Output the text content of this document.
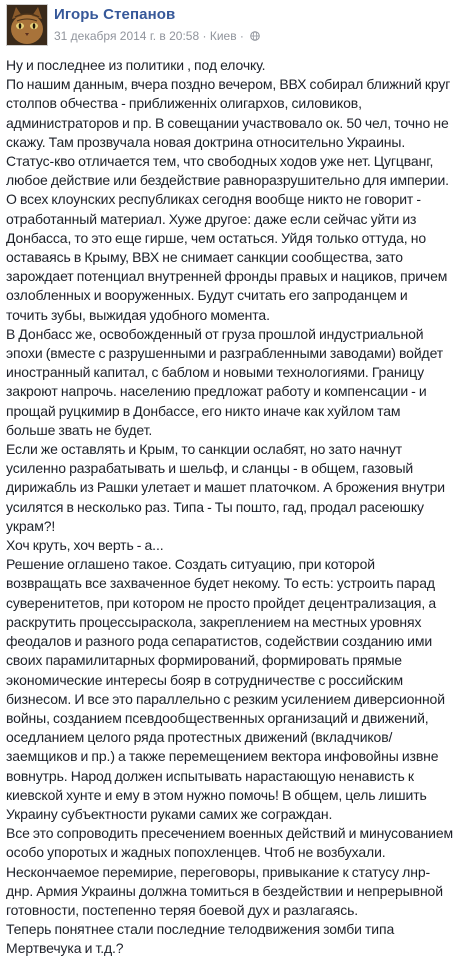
Игорь Степанов
31 декабря 2014 г. в 20:58 · Киев ·

Ну и последнее из политики , под елочку.

По нашим данным, вчера поздно вечером, ВВХ собирал ближний круг

столпов обчества - приближенніх олигархов, силовиков,

администраторов и пр. В совещании участвовало ок. 50 чел, точно не

скажу. Там прозвучала новая доктрина относительно Украины.

Статус-кво отличается тем, что свободных ходов уже нет. Цугцванг,

любое действие или бездействие равноразрушительно для империи.

О всех клоунских республиках сегодня вообще никто не говорит -

отработанный материал. Хуже другое: даже если сейчас уйти из

Донбасса, то это еще гирше, чем остаться. Уйдя только оттуда, но

оставаясь в Крыму, ВВХ не снимает санкции сообщества, зато

зарождает потенциал внутренней фронды правых и нациков, причем

озлобленных и вооруженных. Будут считать его запроданцем и

точить зубы, выжидая удобного момента.

В Донбасс же, освобожденный от груза прошлой индустриальной

эпохи (вместе с разрушенными и разграбленными заводами) войдет

иностранный капитал, с баблом и новыми технологиями. Границу

закроют напрочь. населению предложат работу и компенсации - и

прощай руцкимир в Донбассе, его никто иначе как хуйлом там

больше звать не будет.

Если же оставлять и Крым, то санкции ослабят, но зато начнут

усиленно разрабатывать и шельф, и сланцы - в общем, газовый

дирижабль из Рашки улетает и машет платочком. А брожения внутри

усилятся в несколько раз. Типа - Ты пошто, гад, продал расеюшку

украм?!

Хоч круть, хоч верть - а...

Решение оглашено такое. Создать ситуацию, при которой

возвращать все захваченное будет некому. То есть: устроить парад

суверенитетов, при котором не просто пройдет децентрализация, а

раскрутить процессыраскола, закреплением на местных уровнях

феодалов и разного рода сепаратистов, содействии созданию ими

своих парамилитарных формирований, формировать прямые

экономические интересы бояр в сотрудничестве с российским

бизнесом. И все это параллельно с резким усилением диверсионной

войны, созданием псевдообщественных организаций и движений,

оседланием целого ряда протестных движений (вкладчиков/

заемщиков и пр.) а также перемещением вектора инфовойны извне

вовнутрь. Народ должен испытывать нарастающую ненависть к

киевской хунте и ему в этом нужно помочь! В общем, цель лишить

Украину субъектности руками самих же сограждан.

Все это сопроводить пресечением военных действий и минусованием

особо упоротых и жадных попохленцев. Чтоб не возбухали.

Нескончаемое перемирие, переговоры, привыкание к статусу лнр-

днр. Армия Украины должна томиться в бездействии и непрерывной

готовности, постепенно теряя боевой дух и разлагаясь.

Теперь понятнее стали последние телодвижения зомби типа

Мертвечука и т.д.?
